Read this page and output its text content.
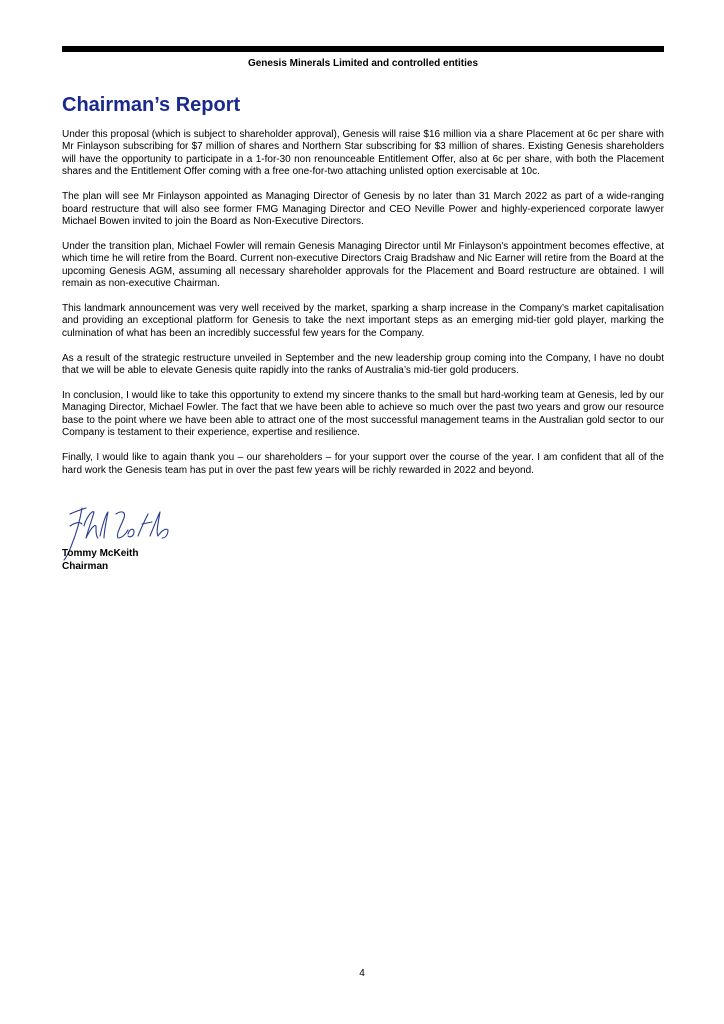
Genesis Minerals Limited and controlled entities
Chairman’s Report

Under this proposal (which is subject to shareholder approval), Genesis will raise $16 million via a share Placement at 6c per share with Mr Finlayson subscribing for $7 million of shares and Northern Star subscribing for $3 million of shares. Existing Genesis shareholders will have the opportunity to participate in a 1-for-30 non renounceable Entitlement Offer, also at 6c per share, with both the Placement shares and the Entitlement Offer coming with a free one-for-two attaching unlisted option exercisable at 10c.

The plan will see Mr Finlayson appointed as Managing Director of Genesis by no later than 31 March 2022 as part of a wide-ranging board restructure that will also see former FMG Managing Director and CEO Neville Power and highly-experienced corporate lawyer Michael Bowen invited to join the Board as Non-Executive Directors.

Under the transition plan, Michael Fowler will remain Genesis Managing Director until Mr Finlayson's appointment becomes effective, at which time he will retire from the Board. Current non-executive Directors Craig Bradshaw and Nic Earner will retire from the Board at the upcoming Genesis AGM, assuming all necessary shareholder approvals for the Placement and Board restructure are obtained. I will remain as non-executive Chairman.

This landmark announcement was very well received by the market, sparking a sharp increase in the Company’s market capitalisation and providing an exceptional platform for Genesis to take the next important steps as an emerging mid-tier gold player, marking the culmination of what has been an incredibly successful few years for the Company.

As a result of the strategic restructure unveiled in September and the new leadership group coming into the Company, I have no doubt that we will be able to elevate Genesis quite rapidly into the ranks of Australia’s mid-tier gold producers.

In conclusion, I would like to take this opportunity to extend my sincere thanks to the small but hard-working team at Genesis, led by our Managing Director, Michael Fowler. The fact that we have been able to achieve so much over the past two years and grow our resource base to the point where we have been able to attract one of the most successful management teams in the Australian gold sector to our Company is testament to their experience, expertise and resilience.

Finally, I would like to again thank you – our shareholders – for your support over the course of the year. I am confident that all of the hard work the Genesis team has put in over the past few years will be richly rewarded in 2022 and beyond.

Tommy McKeith
Chairman
4
